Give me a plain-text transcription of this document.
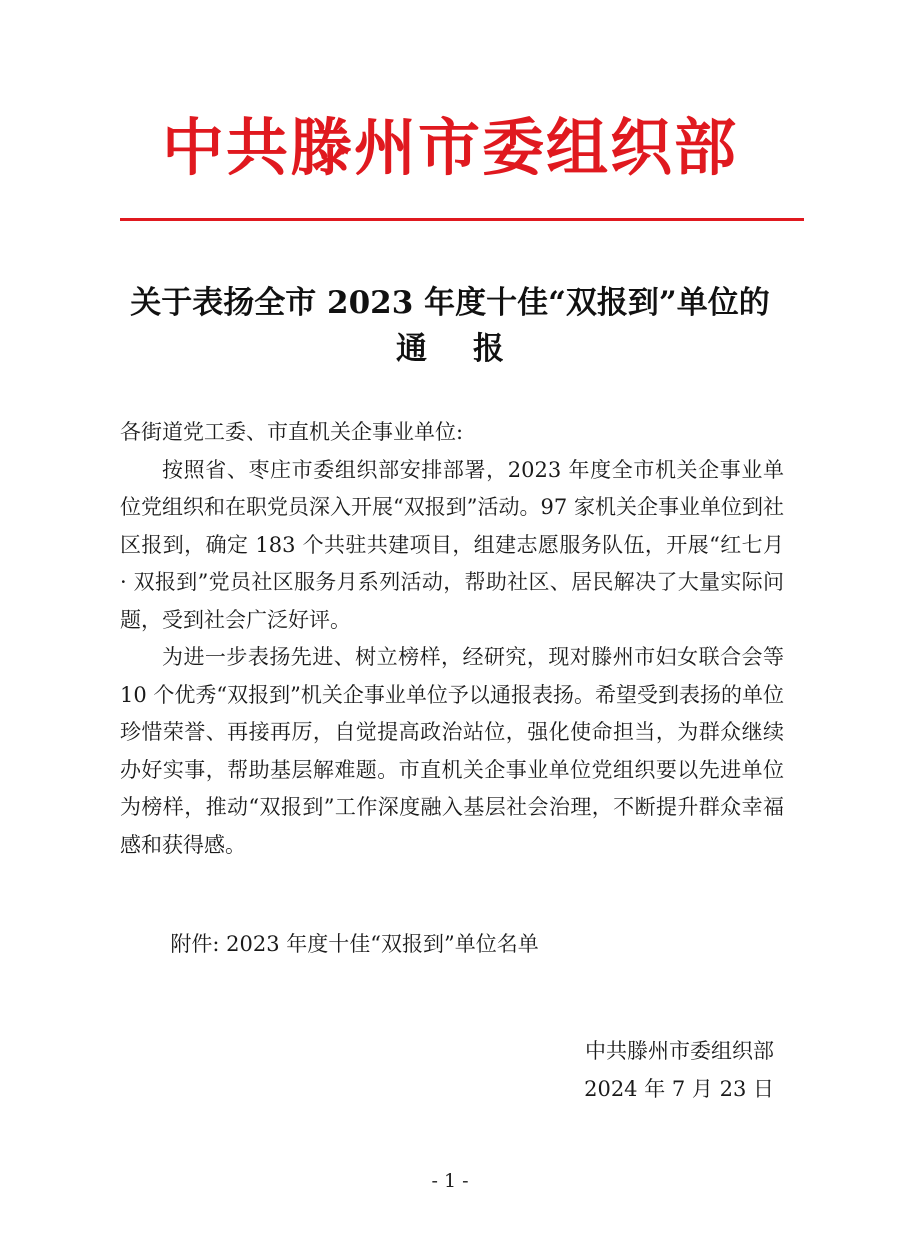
中共滕州市委组织部
关于表扬全市 2023 年度十佳“双报到”单位的
通报

各街道党工委、市直机关企事业单位:

按照省、枣庄市委组织部安排部署，2023 年度全市机关企事业单位党组织和在职党员深入开展“双报到”活动。97 家机关企事业单位到社区报到，确定 183 个共驻共建项目，组建志愿服务队伍，开展“红七月 · 双报到”党员社区服务月系列活动，帮助社区、居民解决了大量实际问题，受到社会广泛好评。

为进一步表扬先进、树立榜样，经研究，现对滕州市妇女联合会等 10 个优秀“双报到”机关企事业单位予以通报表扬。希望受到表扬的单位珍惜荣誉、再接再厉，自觉提高政治站位，强化使命担当，为群众继续办好实事，帮助基层解难题。市直机关企事业单位党组织要以先进单位为榜样，推动“双报到”工作深度融入基层社会治理，不断提升群众幸福感和获得感。

附件: 2023 年度十佳“双报到”单位名单
中共滕州市委组织部
2024 年 7 月 23 日
- 1 -
